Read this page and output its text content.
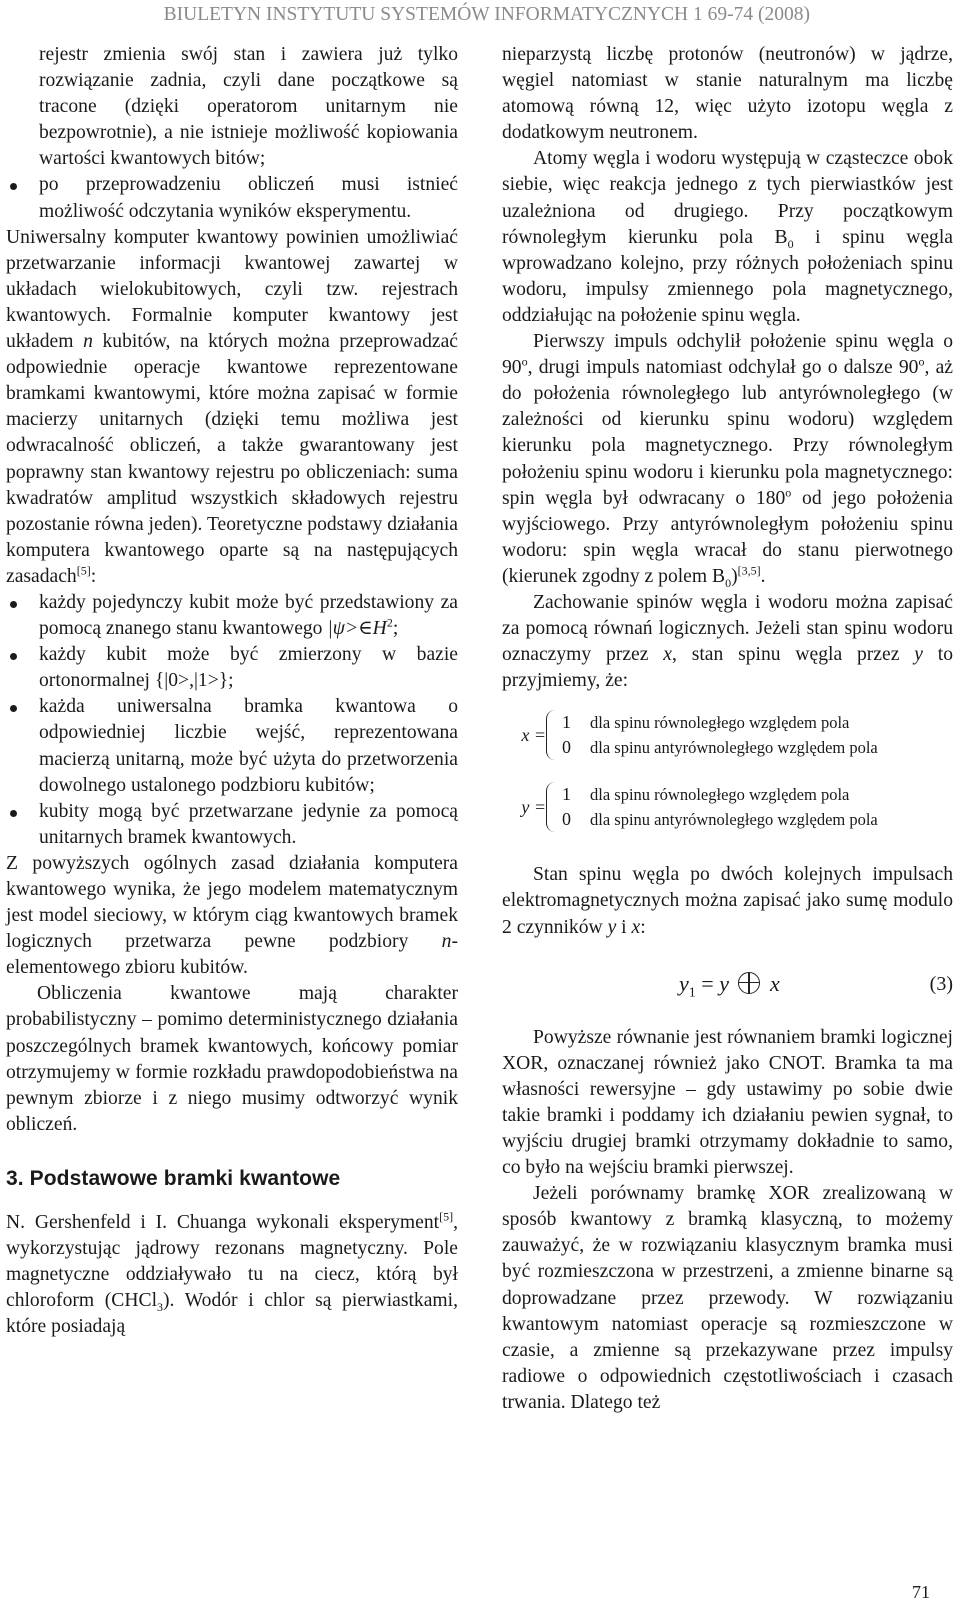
BIULETYN INSTYTUTU SYSTEMÓW INFORMATYCZNYCH 1 69-74 (2008)

rejestr zmienia swój stan i zawiera już tylko rozwiązanie zadnia, czyli dane początkowe są tracone (dzięki operatorom unitarnym nie bezpowrotnie), a nie istnieje możliwość kopiowania wartości kwantowych bitów;

po przeprowadzeniu obliczeń musi istnieć możliwość odczytania wyników eksperymentu.

Uniwersalny komputer kwantowy powinien umożliwiać przetwarzanie informacji kwantowej zawartej w układach wielokubitowych, czyli tzw. rejestrach kwantowych. Formalnie komputer kwantowy jest układem n kubitów, na których można przeprowadzać odpowiednie operacje kwantowe reprezentowane bramkami kwantowymi, które można zapisać w formie macierzy unitarnych (dzięki temu możliwa jest odwracalność obliczeń, a także gwarantowany jest poprawny stan kwantowy rejestru po obliczeniach: suma kwadratów amplitud wszystkich składowych rejestru pozostanie równa jeden). Teoretyczne podstawy działania komputera kwantowego oparte są na następujących zasadach[5]:

każdy pojedynczy kubit może być przedstawiony za pomocą znanego stanu kwantowego $|\psi>\in H^2$;
każdy kubit może być zmierzony w bazie ortonormalnej {|0>,|1>};
każda uniwersalna bramka kwantowa o odpowiedniej liczbie wejść, reprezentowana macierzą unitarną, może być użyta do przetworzenia dowolnego ustalonego podzbioru kubitów;
kubity mogą być przetwarzane jedynie za pomocą unitarnych bramek kwantowych.

Z powyższych ogólnych zasad działania komputera kwantowego wynika, że jego modelem matematycznym jest model sieciowy, w którym ciąg kwantowych bramek logicznych przetwarza pewne podzbiory n-elementowego zbioru kubitów.

Obliczenia kwantowe mają charakter probabilistyczny – pomimo deterministycznego działania poszczególnych bramek kwantowych, końcowy pomiar otrzymujemy w formie rozkładu prawdopodobieństwa na pewnym zbiorze i z niego musimy odtworzyć wynik obliczeń.

3. Podstawowe bramki kwantowe

N. Gershenfeld i I. Chuanga wykonali eksperyment[5], wykorzystując jądrowy rezonans magnetyczny. Pole magnetyczne oddziaływało tu na ciecz, którą był chloroform (CHCl$_3$). Wodór i chlor są pierwiastkami, które posiadają

nieparzystą liczbę protonów (neutronów) w jądrze, węgiel natomiast w stanie naturalnym ma liczbę atomową równą 12, więc użyto izotopu węgla z dodatkowym neutronem.

Atomy węgla i wodoru występują w cząsteczce obok siebie, więc reakcja jednego z tych pierwiastków jest uzależniona od drugiego. Przy początkowym równoległym kierunku pola $B_0$ i spinu węgla wprowadzano kolejno, przy różnych położeniach spinu wodoru, impulsy zmiennego pola magnetycznego, oddziałując na położenie spinu węgla.

Pierwszy impuls odchylił położenie spinu węgla o 90$^o$, drugi impuls natomiast odchylał go o dalsze 90$^o$, aż do położenia równoległego lub antyrównoległego (w zależności od kierunku spinu wodoru) względem kierunku pola magnetycznego. Przy równoległym położeniu spinu wodoru i kierunku pola magnetycznego: spin węgla był odwracany o 180$^o$ od jego położenia wyjściowego. Przy antyrównoległym położeniu spinu wodoru: spin węgla wracał do stanu pierwotnego (kierunek zgodny z polem $B_0)[3,5]$.

Zachowanie spinów węgla i wodoru można zapisać za pomocą równań logicznych. Jeżeli stan spinu wodoru oznaczymy przez x, stan spinu węgla przez y to przyjmiemy, że:

x =
1
0
dla spinu równoległego względem pola
dla spinu antyrównoległego względem pola
y =
1
0
dla spinu równoległego względem pola
dla spinu antyrównoległego względem pola

Stan spinu węgla po dwóch kolejnych impulsach elektromagnetycznych można zapisać jako sumę modulo 2 czynników y i x:

$y_1 = y$ x	(3)

Powyższe równanie jest równaniem bramki logicznej XOR, oznaczanej również jako CNOT. Bramka ta ma własności rewersyjne – gdy ustawimy po sobie dwie takie bramki i poddamy ich działaniu pewien sygnał, to wyjściu drugiej bramki otrzymamy dokładnie to samo, co było na wejściu bramki pierwszej.

Jeżeli porównamy bramkę XOR zrealizowaną w sposób kwantowy z bramką klasyczną, to możemy zauważyć, że w rozwiązaniu klasycznym bramka musi być rozmieszczona w przestrzeni, a zmienne binarne są doprowadzane przez przewody. W rozwiązaniu kwantowym natomiast operacje są rozmieszczone w czasie, a zmienne są przekazywane przez impulsy radiowe o odpowiednich częstotliwościach i czasach trwania. Dlatego też

71
